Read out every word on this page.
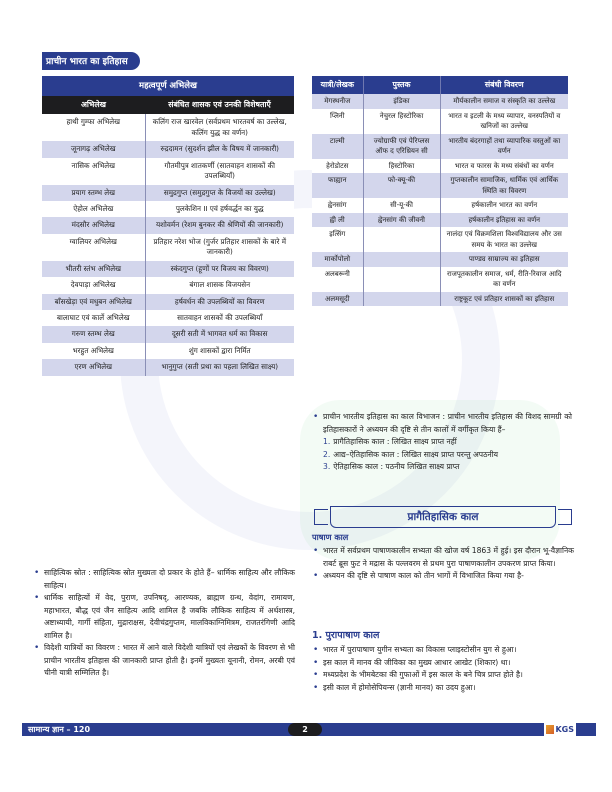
प्राचीन भारत का इतिहास
महत्वपूर्ण अभिलेख	
अभिलेख	संबंधित शासक एवं उनकी विशेषताएँ
हाथी गुम्फा अभिलेख	कलिंग राज खारवेल (सर्वप्रथम भारतवर्ष का उल्लेख, कलिंग युद्ध का वर्णन)
जूनागढ़ अभिलेख	रुद्रदामन (सुदर्शन झील के विषय में जानकारी)
नासिक अभिलेख	गौतमीपुत्र शातकर्णी (सातवाहन शासकों की उपलब्धियाँ)
प्रयाग स्तम्भ लेख	समुद्रगुप्त (समुद्रगुप्त के विजयों का उल्लेख)
ऐहोल अभिलेख	पुलकेशिन II एवं हर्षवर्द्धन का युद्ध
मंदसौर अभिलेख	यशोवर्मन (रेशम बुनकर की श्रेणियों की जानकारी)
ग्वालियर अभिलेख	प्रतिहार नरेश भोज (गुर्जर प्रतिहार शासकों के बारे में जानकारी)
भीतरी स्तंभ अभिलेख	स्कंदगुप्त (हूणों पर विजय का विवरण)
देवपाड़ा अभिलेख	बंगाल शासक विजयसेन
बाँसखेड़ा एवं मधुबन अभिलेख	हर्षवर्धन की उपलब्धियों का विवरण
बालाघाट एवं कार्ले अभिलेख	सातवाहन शासकों की उपलब्धियाँ
गरुण स्तम्भ लेख	दूसरी सती में भागवत धर्म का विकास
भरहुत अभिलेख	शुंग शासकों द्वारा निर्मित
एरण अभिलेख	भानुगुप्त (सती प्रथा का पहला लिखित साक्ष्य)
• साहित्यिक स्रोत : साहित्यिक स्रोत मुख्यतः दो प्रकार के होते हैं– धार्मिक साहित्य और लौकिक साहित्य।
• धार्मिक साहित्यों में वेद, पुराण, उपनिषद्, आरण्यक, ब्राह्मण ग्रन्थ, वेदांग, रामायण, महाभारत, बौद्ध एवं जैन साहित्य आदि शामिल है जबकि लौकिक साहित्य में अर्थशास्त्र, अष्टाध्यायी, गार्गी संहिता, मुद्राराक्षस, देवीचंद्रगुप्तम, मालविकाग्निमित्रम, राजतरंगिणी आदि शामिल है।
• विदेशी यात्रियों का विवरण : भारत में आने वाले विदेशी यात्रियों एवं लेखकों के विवरण से भी प्राचीन भारतीय इतिहास की जानकारी प्राप्त होती है। इनमें मुख्यतः यूनानी, रोमन, अरबी एवं चीनी यात्री सम्मिलित है।
यात्री/लेखक	पुस्तक	संबंधी विवरण
मेगस्थनीज	इंडिका	मौर्यकालीन समाज व संस्कृति का उल्लेख
प्लिनी	नेचुरल हिस्टोरिका	भारत व इटली के मध्य व्यापार, वनस्पतियों व खनिजों का उल्लेख
टाल्मी	ज्योग्राफी एवं पेरिप्लस ऑफ द एरिथ्रियन सी	भारतीय बंदरगाहों तथा व्यापारिक वस्तुओं का वर्णन
हेरोडोटस	हिस्टोरिका	भारत व फारस के मध्य संबंधों का वर्णन
फाह्यान	फो-क्यू-की	गुप्तकालीन सामाजिक, धार्मिक एवं आर्थिक स्थिति का विवरण
ह्वेनसांग	सी-यू-की	हर्षकालीन भारत का वर्णन
ह्वी ली	ह्वेनसांग की जीवनी	हर्षकालीन इतिहास का वर्णन
इत्सिंग		नालंदा एवं विक्रमशिला विश्वविद्यालय और उस समय के भारत का उल्लेख
मार्कोपोलो		पाण्ड्य साम्राज्य का इतिहास
अलबरूनी		राजपूतकालीन समाज, धर्म, रीति-रिवाज आदि का वर्णन
अलमसूदी		राष्ट्रकूट एवं प्रतिहार शासकों का इतिहास
• प्राचीन भारतीय इतिहास का काल विभाजन : प्राचीन भारतीय इतिहास की विशद सामग्री को इतिहासकारों ने अध्ययन की दृष्टि से तीन कालों में वर्गीकृत किया हैं–
1. प्रागैतिहासिक काल : लिखित साक्ष्य प्राप्त नहीं
2. आद्य–ऐतिहासिक काल : लिखित साक्ष्य प्राप्त परन्तु अपठनीय
3. ऐतिहासिक काल : पठनीय लिखित साक्ष्य प्राप्त
प्रागैतिहासिक काल
पाषाण काल
• भारत में सर्वप्रथम पाषाणकालीन सभ्यता की खोज वर्ष 1863 में हुई। इस दौरान भू-वैज्ञानिक राबर्ट ब्रूस फुट ने मद्रास के पल्लवरम से प्रथम पुरा पाषाणकालीन उपकरण प्राप्त किया।
• अध्ययन की दृष्टि से पाषाण काल को तीन भागों में विभाजित किया गया है-
1. पुरापाषाण काल
• भारत में पुरापाषाण युगीन सभ्यता का विकास प्लाइस्टोसीन युग से हुआ।
• इस काल में मानव की जीविका का मुख्य आधार आखेट (शिकार) था।
• मध्यप्रदेश के भीमबेटका की गुफाओं में इस काल के बने चित्र प्राप्त होते है।
• इसी काल में होमोसेपियन्स (ज्ञानी मानव) का उदय हुआ।
सामान्य ज्ञान – 120	2	KGS
